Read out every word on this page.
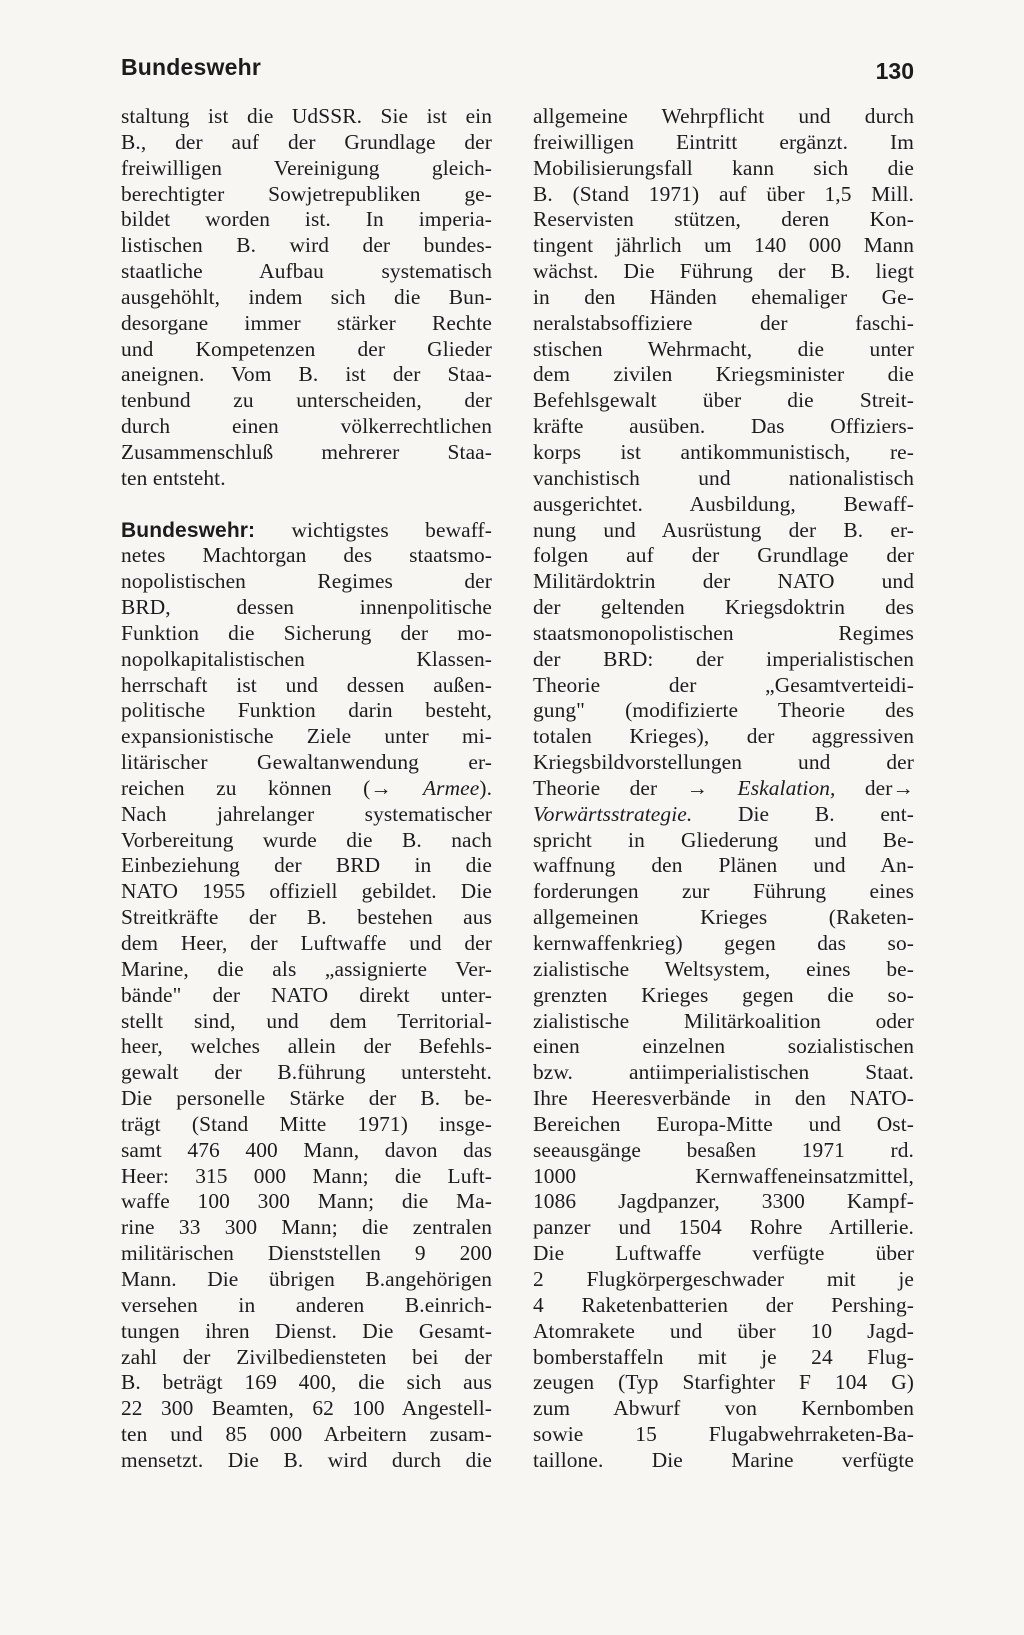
Bundeswehr	130
staltung ist die UdSSR. Sie ist ein
B., der auf der Grundlage der
freiwilligen Vereinigung gleich-
berechtigter Sowjetrepubliken ge-
bildet worden ist. In imperia-
listischen B. wird der bundes-
staatliche Aufbau systematisch
ausgehöhlt, indem sich die Bun-
desorgane immer stärker Rechte
und Kompetenzen der Glieder
aneignen. Vom B. ist der Staa-
tenbund zu unterscheiden, der
durch einen völkerrechtlichen
Zusammenschluß mehrerer Staa-
ten entsteht.
Bundeswehr: wichtigstes bewaff-
netes Machtorgan des staatsmo-
nopolistischen Regimes der
BRD, dessen innenpolitische
Funktion die Sicherung der mo-
nopolkapitalistischen Klassen-
herrschaft ist und dessen außen-
politische Funktion darin besteht,
expansionistische Ziele unter mi-
litärischer Gewaltanwendung er-
reichen zu können (→ Armee).
Nach jahrelanger systematischer
Vorbereitung wurde die B. nach
Einbeziehung der BRD in die
NATO 1955 offiziell gebildet. Die
Streitkräfte der B. bestehen aus
dem Heer, der Luftwaffe und der
Marine, die als „assignierte Ver-
bände" der NATO direkt unter-
stellt sind, und dem Territorial-
heer, welches allein der Befehls-
gewalt der B.führung untersteht.
Die personelle Stärke der B. be-
trägt (Stand Mitte 1971) insge-
samt 476 400 Mann, davon das
Heer: 315 000 Mann; die Luft-
waffe 100 300 Mann; die Ma-
rine 33 300 Mann; die zentralen
militärischen Dienststellen 9 200
Mann. Die übrigen B.angehörigen
versehen in anderen B.einrich-
tungen ihren Dienst. Die Gesamt-
zahl der Zivilbediensteten bei der
B. beträgt 169 400, die sich aus
22 300 Beamten, 62 100 Angestell-
ten und 85 000 Arbeitern zusam-
mensetzt. Die B. wird durch die
allgemeine Wehrpflicht und durch
freiwilligen Eintritt ergänzt. Im
Mobilisierungsfall kann sich die
B. (Stand 1971) auf über 1,5 Mill.
Reservisten stützen, deren Kon-
tingent jährlich um 140 000 Mann
wächst. Die Führung der B. liegt
in den Händen ehemaliger Ge-
neralstabsoffiziere der faschi-
stischen Wehrmacht, die unter
dem zivilen Kriegsminister die
Befehlsgewalt über die Streit-
kräfte ausüben. Das Offiziers-
korps ist antikommunistisch, re-
vanchistisch und nationalistisch
ausgerichtet. Ausbildung, Bewaff-
nung und Ausrüstung der B. er-
folgen auf der Grundlage der
Militärdoktrin der NATO und
der geltenden Kriegsdoktrin des
staatsmonopolistischen Regimes
der BRD: der imperialistischen
Theorie der „Gesamtverteidi-
gung" (modifizierte Theorie des
totalen Krieges), der aggressiven
Kriegsbildvorstellungen und der
Theorie der → Eskalation, der→
Vorwärtsstrategie. Die B. ent-
spricht in Gliederung und Be-
waffnung den Plänen und An-
forderungen zur Führung eines
allgemeinen Krieges (Raketen-
kernwaffenkrieg) gegen das so-
zialistische Weltsystem, eines be-
grenzten Krieges gegen die so-
zialistische Militärkoalition oder
einen einzelnen sozialistischen
bzw. antiimperialistischen Staat.
Ihre Heeresverbände in den NATO-
Bereichen Europa-Mitte und Ost-
seeausgänge besaßen 1971 rd.
1000 Kernwaffeneinsatzmittel,
1086 Jagdpanzer, 3300 Kampf-
panzer und 1504 Rohre Artillerie.
Die Luftwaffe verfügte über
2 Flugkörpergeschwader mit je
4 Raketenbatterien der Pershing-
Atomrakete und über 10 Jagd-
bomberstaffeln mit je 24 Flug-
zeugen (Typ Starfighter F 104 G)
zum Abwurf von Kernbomben
sowie 15 Flugabwehrraketen-Ba-
taillone. Die Marine verfügte
